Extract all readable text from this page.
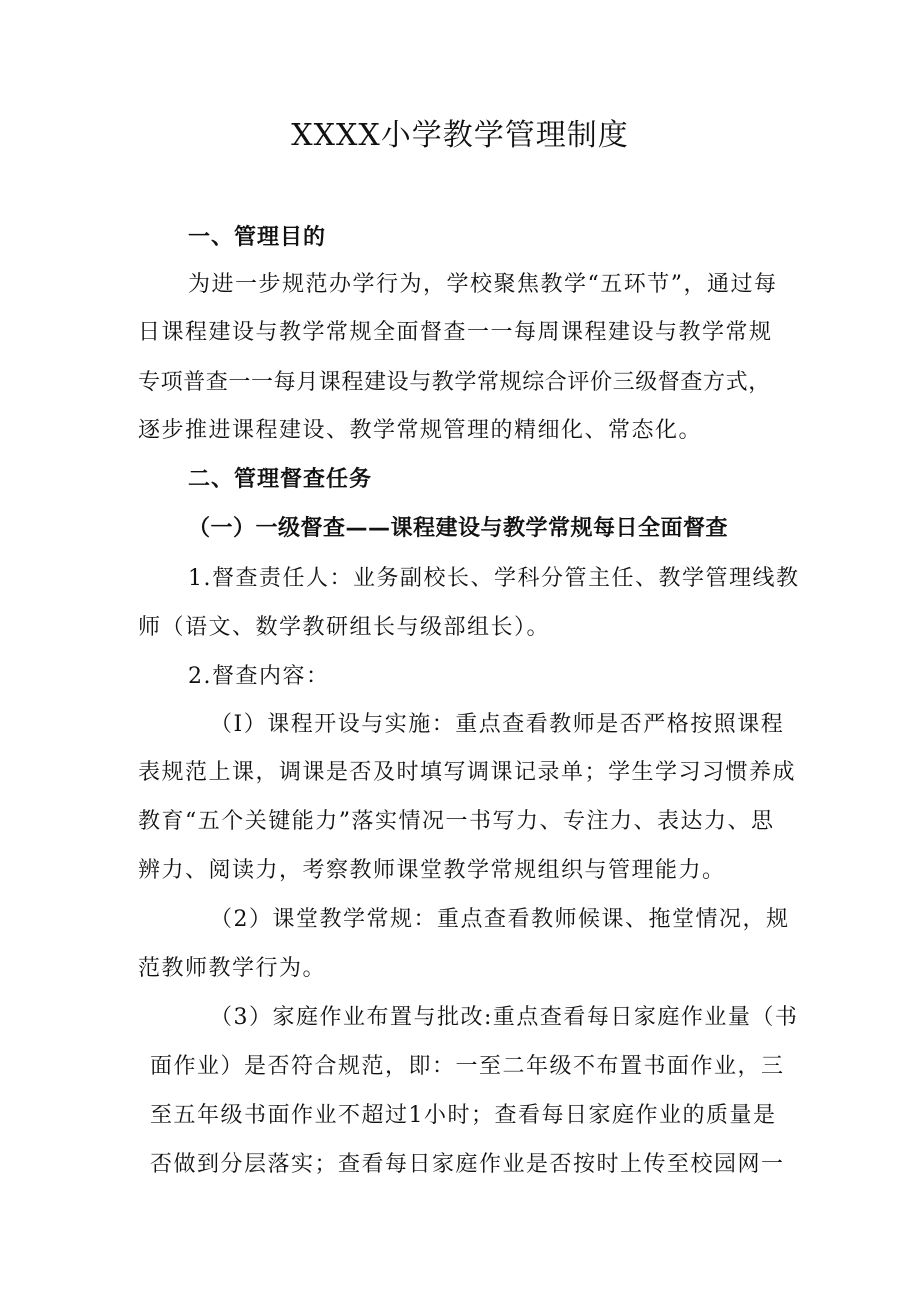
XXXX小学教学管理制度
一、管理目的
为进一步规范办学行为，学校聚焦教学“五环节”，通过每
日课程建设与教学常规全面督查一一每周课程建设与教学常规
专项普查一一每月课程建设与教学常规综合评价三级督查方式，
逐步推进课程建设、教学常规管理的精细化、常态化。
二、管理督查任务
（一）一级督查——课程建设与教学常规每日全面督查
1.督查责任人：业务副校长、学科分管主任、教学管理线教
师（语文、数学教研组长与级部组长）。
2.督查内容：
（I）课程开设与实施：重点查看教师是否严格按照课程
表规范上课，调课是否及时填写调课记录单；学生学习习惯养成
教育“五个关键能力”落实情况一书写力、专注力、表达力、思
辨力、阅读力，考察教师课堂教学常规组织与管理能力。
（2）课堂教学常规：重点查看教师候课、拖堂情况，规
范教师教学行为。
（3）家庭作业布置与批改:重点查看每日家庭作业量（书
面作业）是否符合规范，即：一至二年级不布置书面作业，三
至五年级书面作业不超过1小时；查看每日家庭作业的质量是
否做到分层落实；查看每日家庭作业是否按时上传至校园网一
